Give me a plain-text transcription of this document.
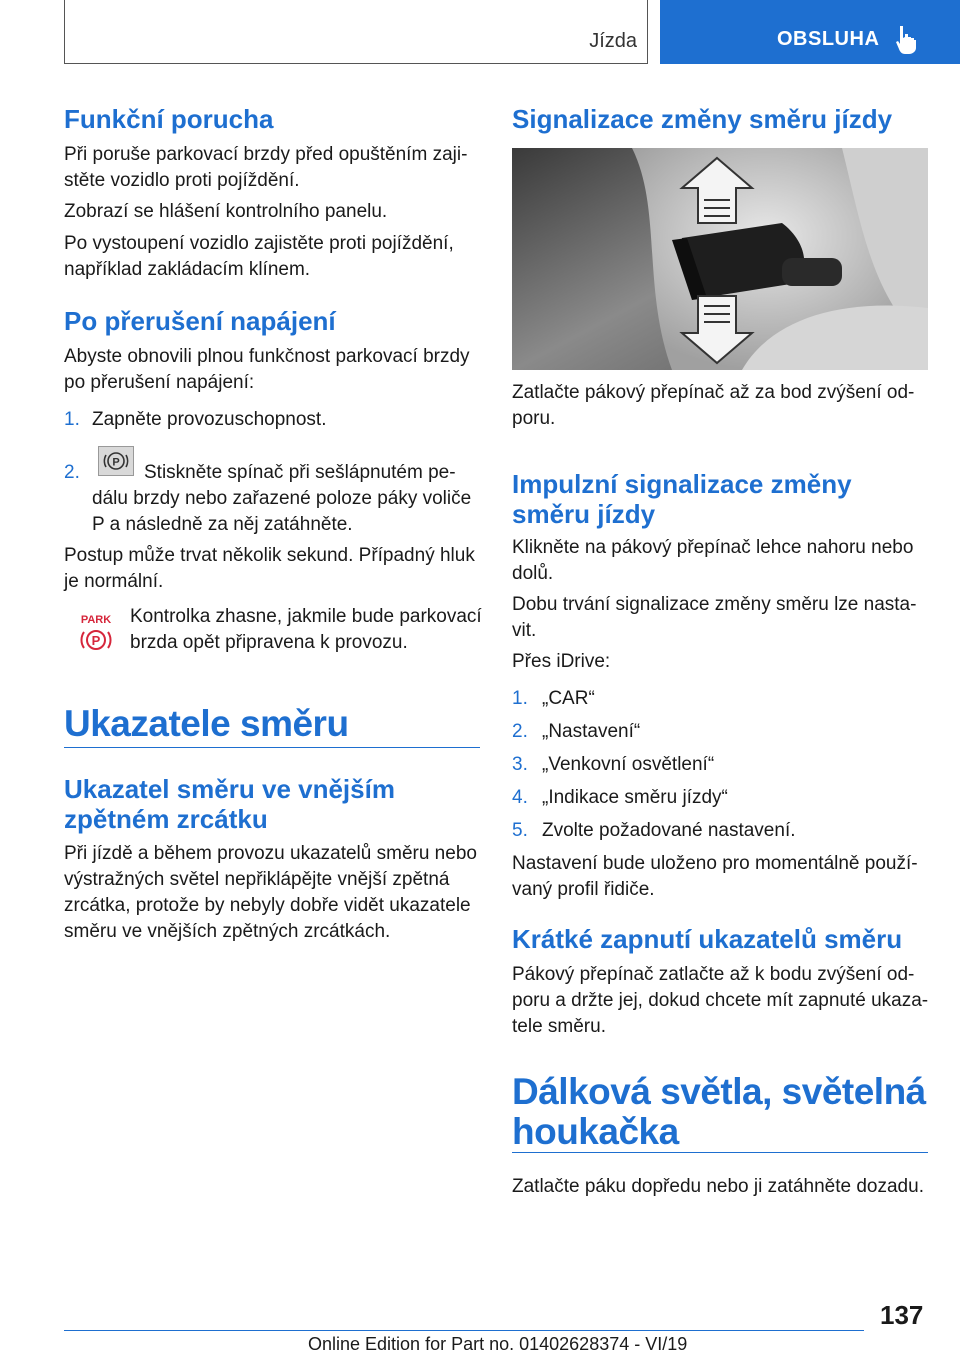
Jízda	OBSLUHA
Funkční porucha

Při poruše parkovací brzdy před opuštěním zaji-stěte vozidlo proti pojíždění.

Zobrazí se hlášení kontrolního panelu.

Po vystoupení vozidlo zajistěte proti pojíždění, například zakládacím klínem.

Po přerušení napájení

Abyste obnovili plnou funkčnost parkovací brzdy po přerušení napájení:

1. Zapněte provozuschopnost.

2.	P	Stiskněte spínač při sešlápnutém pe-dálu brzdy nebo zařazené poloze páky voliče P a následně za něj zatáhněte.

Postup může trvat několik sekund. Případný hluk je normální.

PARK
P

Kontrolka zhasne, jakmile bude parkovací brzda opět připravena k provozu.

Ukazatele směru
Ukazatel směru ve vnějším zpětném zrcátku

Při jízdě a během provozu ukazatelů směru nebo výstražných světel nepřiklápějte vnější zpětná zrcátka, protože by nebyly dobře vidět ukazatele směru ve vnějších zpětných zrcátkách.

Signalizace změny směru jízdy

Zatlačte pákový přepínač až za bod zvýšení od-poru.

Impulzní signalizace změny směru jízdy

Klikněte na pákový přepínač lehce nahoru nebo dolů.

Dobu trvání signalizace změny směru lze nasta-vit.

Přes iDrive:

1. „CAR“

2. „Nastavení“

3. „Venkovní osvětlení“

4. „Indikace směru jízdy“

5. Zvolte požadované nastavení.

Nastavení bude uloženo pro momentálně použí-vaný profil řidiče.

Krátké zapnutí ukazatelů směru

Pákový přepínač zatlačte až k bodu zvýšení od-poru a držte jej, dokud chcete mít zapnuté ukaza-tele směru.

Dálková světla, světelná houkačka

Zatlačte páku dopředu nebo ji zatáhněte dozadu.

137
Online Edition for Part no. 01402628374 - VI/19
